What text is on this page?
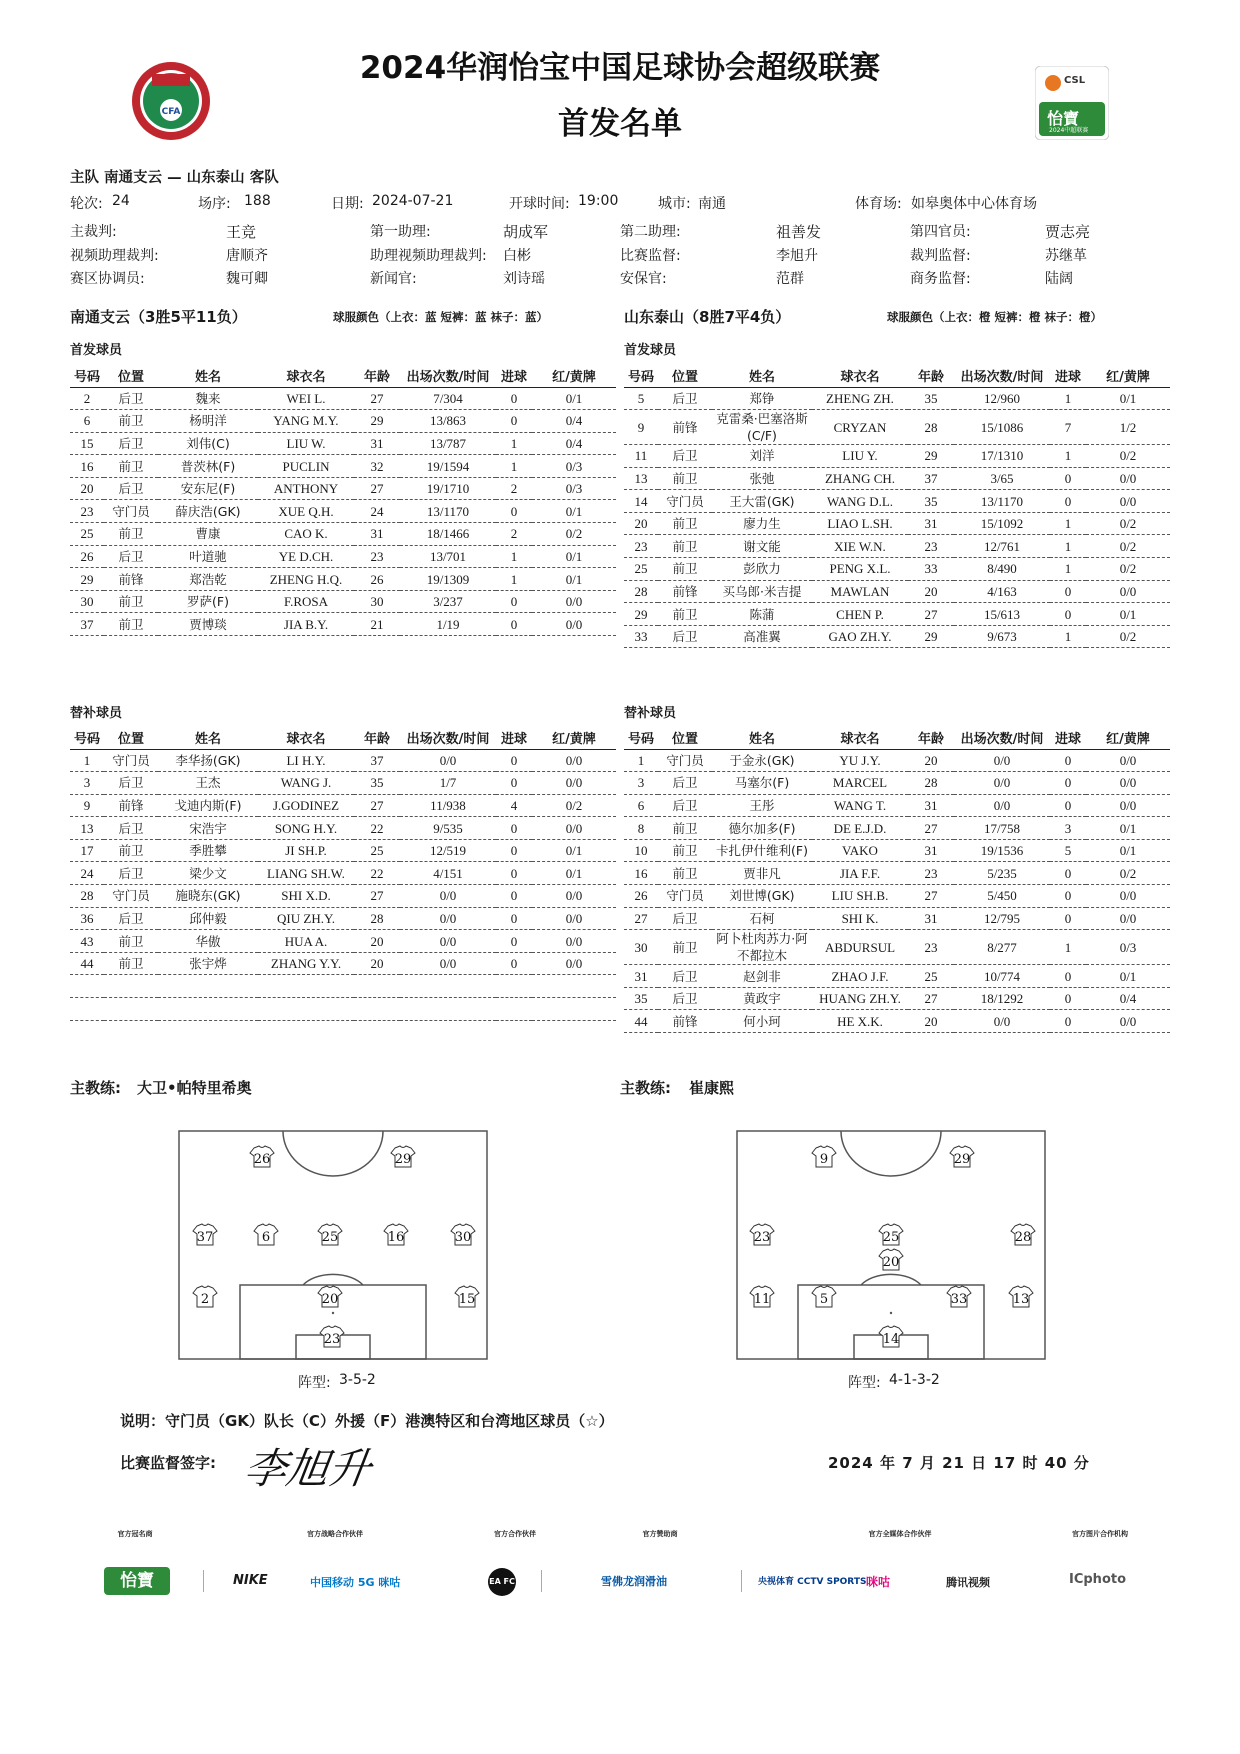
2024华润怡宝中国足球协会超级联赛
首发名单
CFA
CSL
怡寶
2024中超联赛
主队 南通支云 — 山东泰山 客队
轮次: 24	场序: 188	日期: 2024-07-21	开球时间: 19:00	城市: 南通	体育场: 如皋奥体中心体育场
主裁判:	王竞	第一助理:	胡成军	第二助理:	祖善发	第四官员:	贾志亮
视频助理裁判:	唐顺齐	助理视频助理裁判: 白彬	比赛监督:	李旭升	裁判监督:	苏继革
赛区协调员:	魏可卿	新闻官:	刘诗瑶	安保官:	范群	商务监督:	陆阔
南通支云（3胜5平11负）	球服颜色（上衣：蓝 短裤：蓝 袜子：蓝）	山东泰山（8胜7平4负）	球服颜色（上衣：橙 短裤：橙 袜子：橙）
首发球员	首发球员
号码	位置	姓名	球衣名	年龄	出场次数/时间	进球	红/黄牌
2	后卫	魏来	WEI L.	27	7/304	0	0/1
6	前卫	杨明洋	YANG M.Y.	29	13/863	0	0/4
15	后卫	刘伟(C)	LIU W.	31	13/787	1	0/4
16	前卫	普茨林(F)	PUCLIN	32	19/1594	1	0/3
20	后卫	安东尼(F)	ANTHONY	27	19/1710	2	0/3
23	守门员	薛庆浩(GK)	XUE Q.H.	24	13/1170	0	0/1
25	前卫	曹康	CAO K.	31	18/1466	2	0/2
26	后卫	叶道驰	YE D.CH.	23	13/701	1	0/1
29	前锋	郑浩乾	ZHENG H.Q.	26	19/1309	1	0/1
30	前卫	罗萨(F)	F.ROSA	30	3/237	0	0/0
37	前卫	贾博琰	JIA B.Y.	21	1/19	0	0/0
号码	位置	姓名	球衣名	年龄	出场次数/时间	进球	红/黄牌
5	后卫	郑铮	ZHENG ZH.	35	12/960	1	0/1
9	前锋	克雷桑·巴塞洛斯(C/F)	CRYZAN	28	15/1086	7	1/2
11	后卫	刘洋	LIU Y.	29	17/1310	1	0/2
13	前卫	张弛	ZHANG CH.	37	3/65	0	0/0
14	守门员	王大雷(GK)	WANG D.L.	35	13/1170	0	0/0
20	前卫	廖力生	LIAO L.SH.	31	15/1092	1	0/2
23	前卫	谢文能	XIE W.N.	23	12/761	1	0/2
25	前卫	彭欣力	PENG X.L.	33	8/490	1	0/2
28	前锋	买乌郎·米吉提	MAWLAN	20	4/163	0	0/0
29	前卫	陈蒲	CHEN P.	27	15/613	0	0/1
33	后卫	高准翼	GAO ZH.Y.	29	9/673	1	0/2
替补球员	替补球员
号码	位置	姓名	球衣名	年龄	出场次数/时间	进球	红/黄牌
1	守门员	李华扬(GK)	LI H.Y.	37	0/0	0	0/0
3	后卫	王杰	WANG J.	35	1/7	0	0/0
9	前锋	戈迪内斯(F)	J.GODINEZ	27	11/938	4	0/2
13	后卫	宋浩宇	SONG H.Y.	22	9/535	0	0/0
17	前卫	季胜攀	JI SH.P.	25	12/519	0	0/1
24	后卫	梁少文	LIANG SH.W.	22	4/151	0	0/1
28	守门员	施晓东(GK)	SHI X.D.	27	0/0	0	0/0
36	后卫	邱仲毅	QIU ZH.Y.	28	0/0	0	0/0
43	前卫	华傲	HUA A.	20	0/0	0	0/0
44	前卫	张宇烨	ZHANG Y.Y.	20	0/0	0	0/0

号码	位置	姓名	球衣名	年龄	出场次数/时间	进球	红/黄牌
1	守门员	于金永(GK)	YU J.Y.	20	0/0	0	0/0
3	后卫	马塞尔(F)	MARCEL	28	0/0	0	0/0
6	后卫	王彤	WANG T.	31	0/0	0	0/0
8	前卫	德尔加多(F)	DE E.J.D.	27	17/758	3	0/1
10	前卫	卡扎伊什维利(F)	VAKO	31	19/1536	5	0/1
16	前卫	贾非凡	JIA F.F.	23	5/235	0	0/2
26	守门员	刘世博(GK)	LIU SH.B.	27	5/450	0	0/0
27	后卫	石柯	SHI K.	31	12/795	0	0/0
30	前卫	阿卜杜肉苏力·阿不都拉木	ABDURSUL	23	8/277	1	0/3
31	后卫	赵剑非	ZHAO J.F.	25	10/774	0	0/1
35	后卫	黄政宇	HUANG ZH.Y.	27	18/1292	0	0/4
44	前锋	何小珂	HE X.K.	20	0/0	0	0/0
主教练: 大卫•帕特里希奥	主教练: 崔康熙
26	29
37	6	25	16	30
2	20	15
23
9	29
23	25	28
20
11	5	33	13
14
阵型: 3-5-2	阵型: 4-1-3-2
说明：守门员（GK）队长（C）外援（F）港澳特区和台湾地区球员（☆）
比赛监督签字: 李旭升	2024 年 7 月 21 日 17 时 40 分
官方冠名商	官方战略合作伙伴	官方合作伙伴	官方赞助商	官方全媒体合作伙伴	官方图片合作机构
怡寶	NIKE	中国移动 5G 咪咕	EA FC	雪佛龙润滑油	央视体育 CCTV SPORTS 咪咕	腾讯视频	ICphoto
